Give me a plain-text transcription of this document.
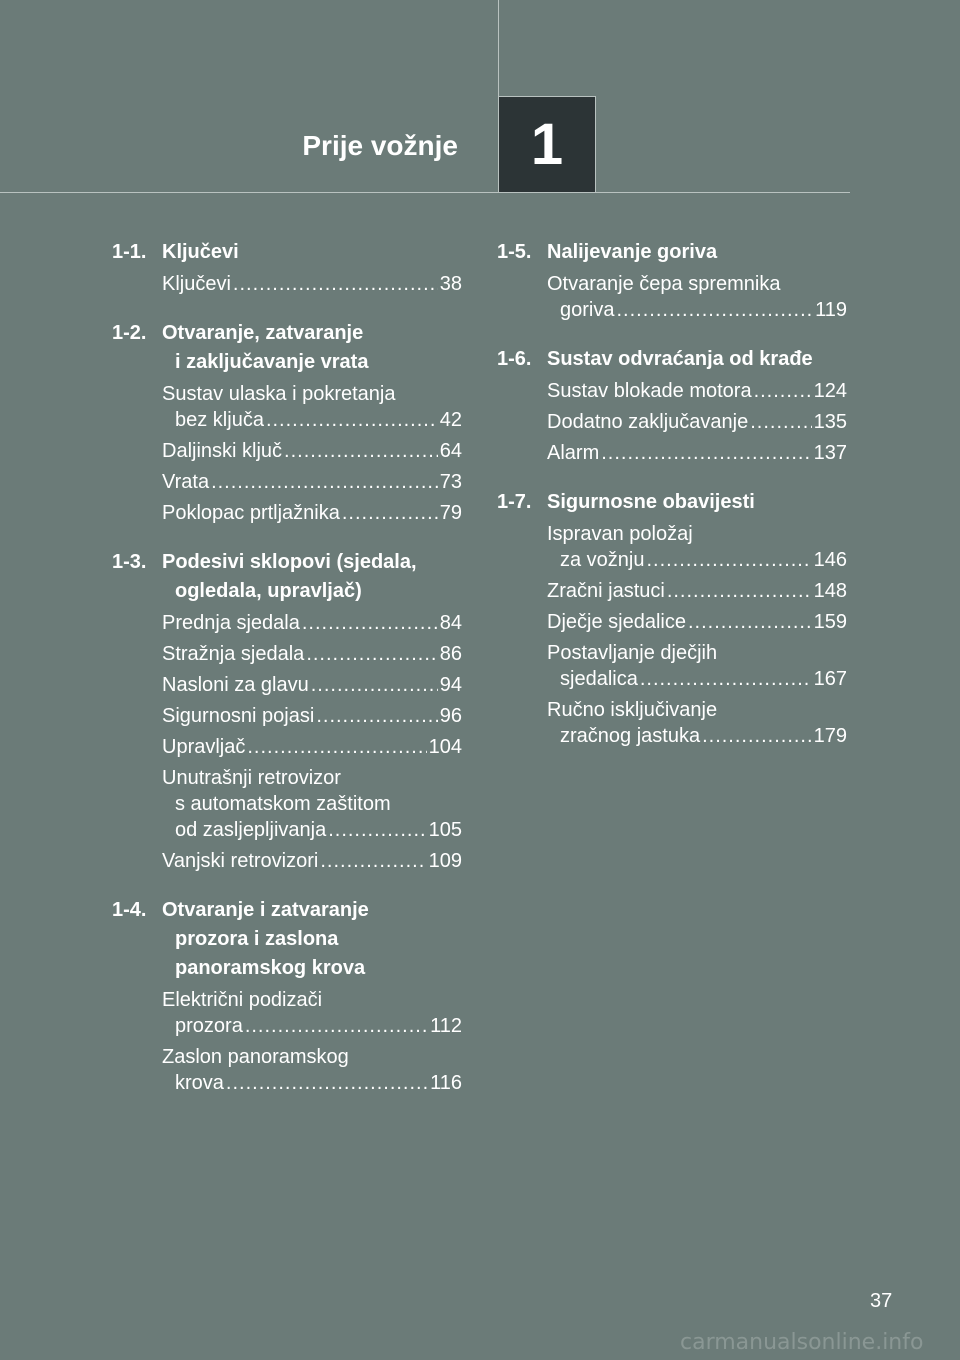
Prije vožnje 1
1-1. Ključevi
Ključevi .....	38
1-2. Otvaranje, zatvaranje
i zaključavanje vrata
Sustav ulaska i pokretanja
bez ključa .....	42
Daljinski ključ .....	64
Vrata .....	73
Poklopac prtljažnika .....	79
1-3. Podesivi sklopovi (sjedala,
ogledala, upravljač)
Prednja sjedala .....	84
Stražnja sjedala .....	86
Nasloni za glavu .....	94
Sigurnosni pojasi .....	96
Upravljač .....	104
Unutrašnji retrovizor
s automatskom zaštitom
od zasljepljivanja .....	105
Vanjski retrovizori .....	109
1-4. Otvaranje i zatvaranje
prozora i zaslona
panoramskog krova
Električni podizači
prozora .....	112
Zaslon panoramskog
krova .....	116
1-5. Nalijevanje goriva
Otvaranje čepa spremnika
goriva .....	119
1-6. Sustav odvraćanja od krađe
Sustav blokade motora .....	124
Dodatno zaključavanje .....	135
Alarm .....	137
1-7. Sigurnosne obavijesti
Ispravan položaj
za vožnju .....	146
Zračni jastuci .....	148
Dječje sjedalice .....	159
Postavljanje dječjih
sjedalica .....	167
Ručno isključivanje
zračnog jastuka .....	179
37
carmanualsonline.info
